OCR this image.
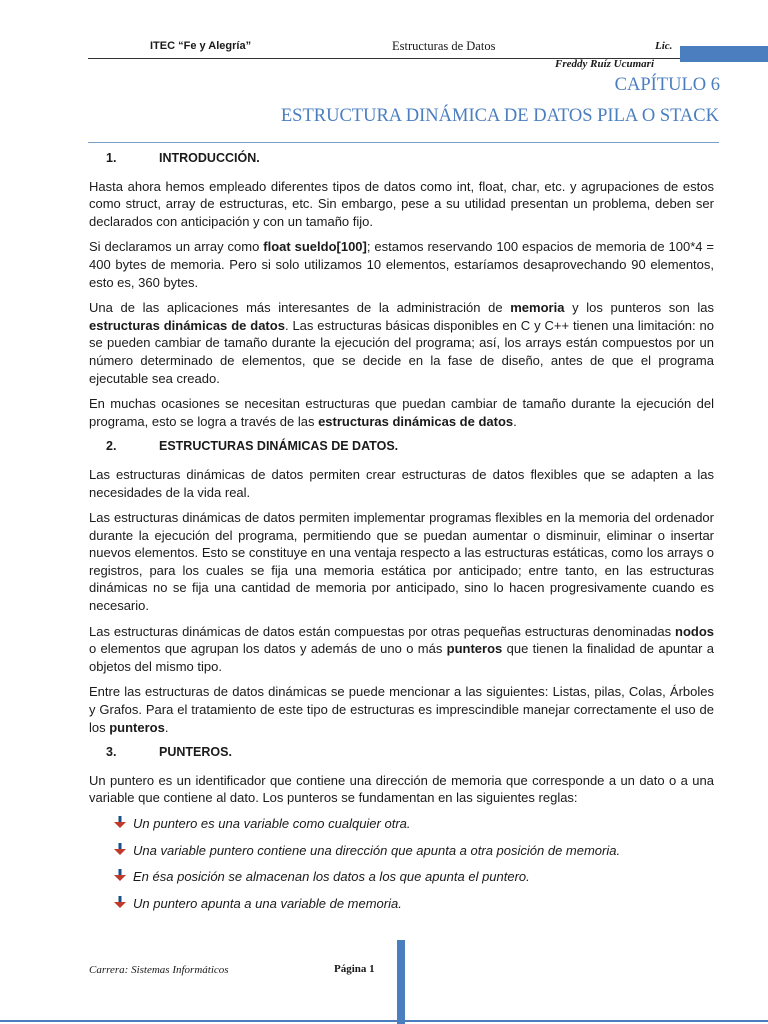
ITEC “Fe y Alegría”	Estructuras de Datos	Lic.
Freddy Ruíz Ucumari
CAPÍTULO 6
ESTRUCTURA DINÁMICA DE DATOS PILA O STACK
1.	INTRODUCCIÓN.

Hasta ahora hemos empleado diferentes tipos de datos como int, float, char, etc. y agrupaciones de estos como struct, array de estructuras, etc. Sin embargo, pese a su utilidad presentan un problema, deben ser declarados con anticipación y con un tamaño fijo.

Si declaramos un array como float sueldo[100]; estamos reservando 100 espacios de memoria de 100*4 = 400 bytes de memoria. Pero si solo utilizamos 10 elementos, estaríamos desaprovechando 90 elementos, esto es, 360 bytes.

Una de las aplicaciones más interesantes de la administración de memoria y los punteros son las estructuras dinámicas de datos. Las estructuras básicas disponibles en C y C++ tienen una limitación: no se pueden cambiar de tamaño durante la ejecución del programa; así, los arrays están compuestos por un número determinado de elementos, que se decide en la fase de diseño, antes de que el programa ejecutable sea creado.

En muchas ocasiones se necesitan estructuras que puedan cambiar de tamaño durante la ejecución del programa, esto se logra a través de las estructuras dinámicas de datos.

2.	ESTRUCTURAS DINÁMICAS DE DATOS.

Las estructuras dinámicas de datos permiten crear estructuras de datos flexibles que se adapten a las necesidades de la vida real.

Las estructuras dinámicas de datos permiten implementar programas flexibles en la memoria del ordenador durante la ejecución del programa, permitiendo que se puedan aumentar o disminuir, eliminar o insertar nuevos elementos. Esto se constituye en una ventaja respecto a las estructuras estáticas, como los arrays o registros, para los cuales se fija una memoria estática por anticipado; entre tanto, en las estructuras dinámicas no se fija una cantidad de memoria por anticipado, sino lo hacen progresivamente cuando es necesario.

Las estructuras dinámicas de datos están compuestas por otras pequeñas estructuras denominadas nodos o elementos que agrupan los datos y además de uno o más punteros que tienen la finalidad de apuntar a objetos del mismo tipo.

Entre las estructuras de datos dinámicas se puede mencionar a las siguientes: Listas, pilas, Colas, Árboles y Grafos. Para el tratamiento de este tipo de estructuras es imprescindible manejar correctamente el uso de los punteros.

3.	PUNTEROS.

Un puntero es un identificador que contiene una dirección de memoria que corresponde a un dato o a una variable que contiene al dato. Los punteros se fundamentan en las siguientes reglas:

Un puntero es una variable como cualquier otra.
Una variable puntero contiene una dirección que apunta a otra posición de memoria.
En ésa posición se almacenan los datos a los que apunta el puntero.
Un puntero apunta a una variable de memoria.
Carrera: Sistemas Informáticos	Página 1
